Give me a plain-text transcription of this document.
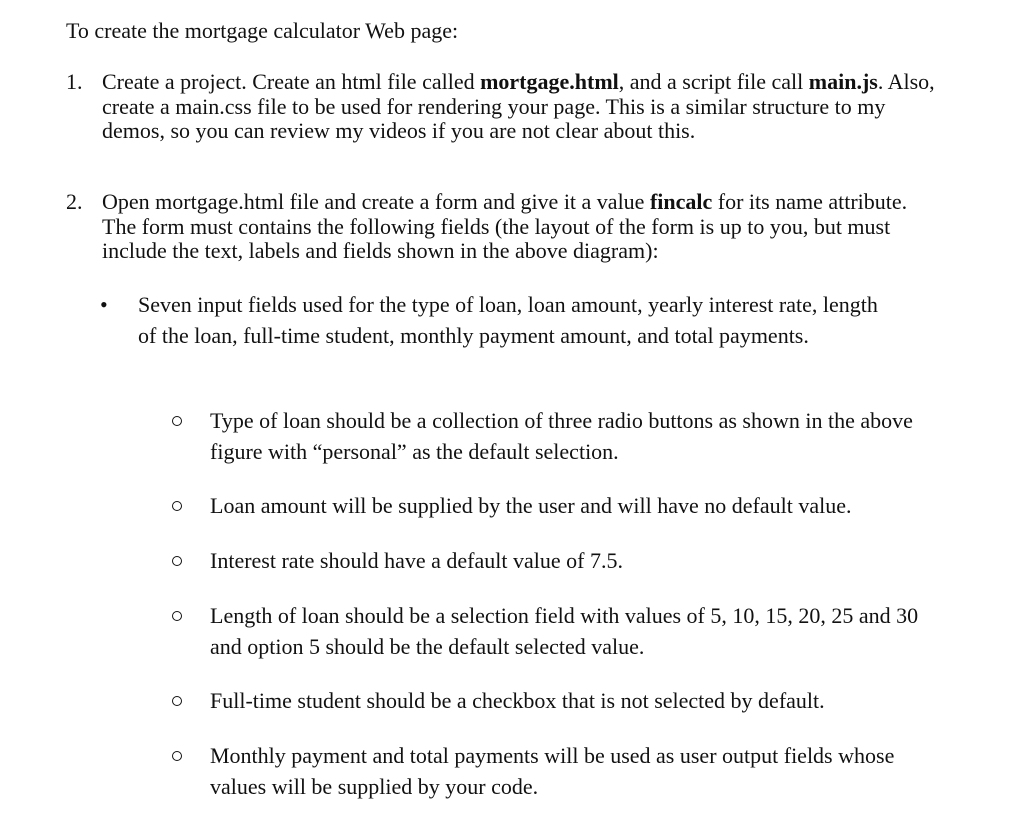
To create the mortgage calculator Web page:
1. Create a project. Create an html file called mortgage.html, and a script file call main.js. Also, create a main.css file to be used for rendering your page. This is a similar structure to my demos, so you can review my videos if you are not clear about this.
2. Open mortgage.html file and create a form and give it a value fincalc for its name attribute. The form must contains the following fields (the layout of the form is up to you, but must include the text, labels and fields shown in the above diagram):
• Seven input fields used for the type of loan, loan amount, yearly interest rate, length of the loan, full-time student, monthly payment amount, and total payments.
Type of loan should be a collection of three radio buttons as shown in the above figure with “personal” as the default selection.
Loan amount will be supplied by the user and will have no default value.
Interest rate should have a default value of 7.5.
Length of loan should be a selection field with values of 5, 10, 15, 20, 25 and 30 and option 5 should be the default selected value.
Full-time student should be a checkbox that is not selected by default.
Monthly payment and total payments will be used as user output fields whose values will be supplied by your code.
